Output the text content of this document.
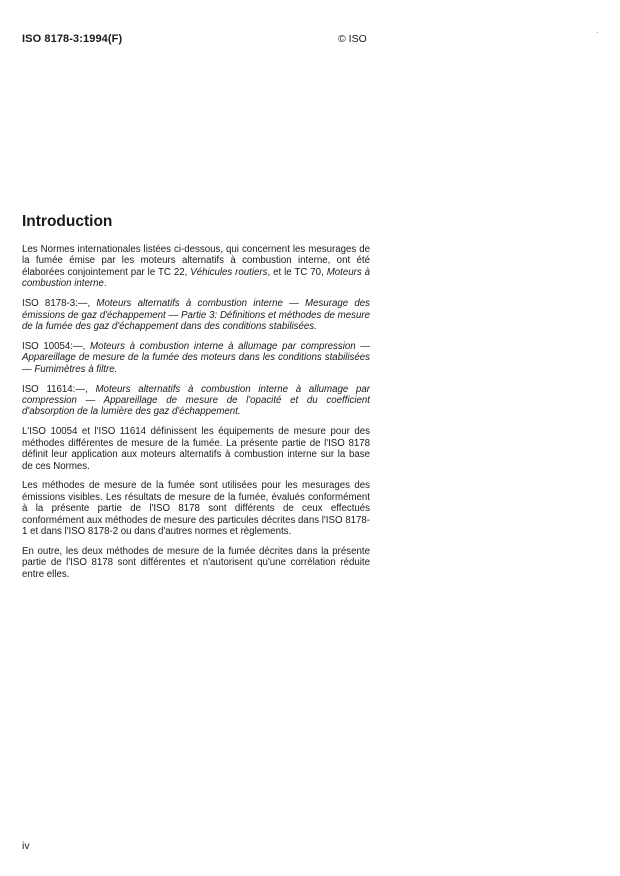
ISO 8178-3:1994(F)	© ISO
·
Introduction

Les Normes internationales listées ci-dessous, qui concernent les mesurages de la fumée émise par les moteurs alternatifs à combustion interne, ont été élaborées conjointement par le TC 22, Véhicules routiers, et le TC 70, Moteurs à combustion interne.

ISO 8178-3:—, Moteurs alternatifs à combustion interne — Mesurage des émissions de gaz d'échappement — Partie 3: Définitions et méthodes de mesure de la fumée des gaz d'échappement dans des conditions stabilisées.

ISO 10054:—, Moteurs à combustion interne à allumage par compression — Appareillage de mesure de la fumée des moteurs dans les conditions stabilisées — Fumimètres à filtre.

ISO 11614:—, Moteurs alternatifs à combustion interne à allumage par compression — Appareillage de mesure de l'opacité et du coefficient d'absorption de la lumière des gaz d'échappement.

L'ISO 10054 et l'ISO 11614 définissent les équipements de mesure pour des méthodes différentes de mesure de la fumée. La présente partie de l'ISO 8178 définit leur application aux moteurs alternatifs à combustion interne sur la base de ces Normes.

Les méthodes de mesure de la fumée sont utilisées pour les mesurages des émissions visibles. Les résultats de mesure de la fumée, évalués conformément à la présente partie de l'ISO 8178 sont différents de ceux effectués conformément aux méthodes de mesure des particules décrites dans l'ISO 8178-1 et dans l'ISO 8178-2 ou dans d'autres normes et règlements.

En outre, les deux méthodes de mesure de la fumée décrites dans la présente partie de l'ISO 8178 sont différentes et n'autorisent qu'une corrélation réduite entre elles.

iv
